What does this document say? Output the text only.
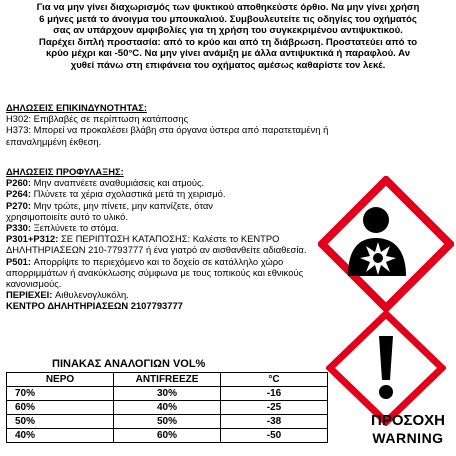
Για να μην γίνει διαχωρισμός των ψυκτικού αποθηκεύστε όρθιο. Να μην γίνει χρήση
6 μήνες μετά το άνοιγμα του μπουκαλιού. Συμβουλευτείτε τις οδηγίες του οχήματός
σας αν υπάρχουν αμφιβολίες για τη χρήση του συγκεκριμένου αντιψυκτικού.
Παρέχει διπλή προστασία: από το κρύο και από τη διάβρωση. Προστατεύει από το
κρύο μέχρι και -50°C. Να μην γίνει ανάμιξη με άλλα αντιψυκτικά ή παραφλού. Αν
χυθεί πάνω στη επιφάνεια του οχήματος αμέσως καθαρίστε τον λεκέ.
ΔΗΛΩΣΕΙΣ ΕΠΙΚΙΝΔΥΝΟΤΗΤΑΣ:
H302: Επιβλαβές σε περίπτωση κατάποσης
H373: Μπορεί να προκαλέσει βλάβη στα όργανα ύστερα από παρατεταμένη ή
επαναλημμένη έκθεση.
ΔΗΛΩΣΕΙΣ ΠΡΟΦΥΛΑΞΗΣ:
P260: Μην αναπνέετε αναθυμιάσεις και ατμούς.
P264: Πλύνετε τα χέρια σχολαστικά μετά τη χειρισμό.
P270: Μην τρώτε, μην πίνετε, μην καπνίζετε, όταν
χρησιμοποιείτε αυτό το υλικό.
P330: Ξεπλύνετε το στόμα.
P301+P312: ΣΕ ΠΕΡΙΠΤΩΣΗ ΚΑΤΑΠΟΣΗΣ: Καλέστε το ΚΕΝΤΡΟ
ΔΗΛΗΤΗΡΙΑΣΕΩΝ 210-7793777 ή ένα γιατρό αν αισθανθείτε αδιαθεσία.
P501: Απορρίψτε το περιεχόμενο και το δοχείο σε κατάλληλο χώρο
απορριμμάτων ή ανακύκλωσης σύμφωνα με τους τοπικούς και εθνικούς
κανονισμούς.
ΠΕΡΙΕΧΕΙ: Αιθυλενογλυκόλη.
ΚΕΝΤΡΟ ΔΗΛΗΤΗΡΙΑΣΕΩΝ 2107793777
ΠΙΝΑΚΑΣ ΑΝΑΛΟΓΙΩΝ VOL%
ΝΕΡΟ	ANTIFREEZE	°C
70%	30%	-16
60%	40%	-25
50%	50%	-38
40%	60%	-50
ΠΡΟΣΟΧΗ
WARNING
